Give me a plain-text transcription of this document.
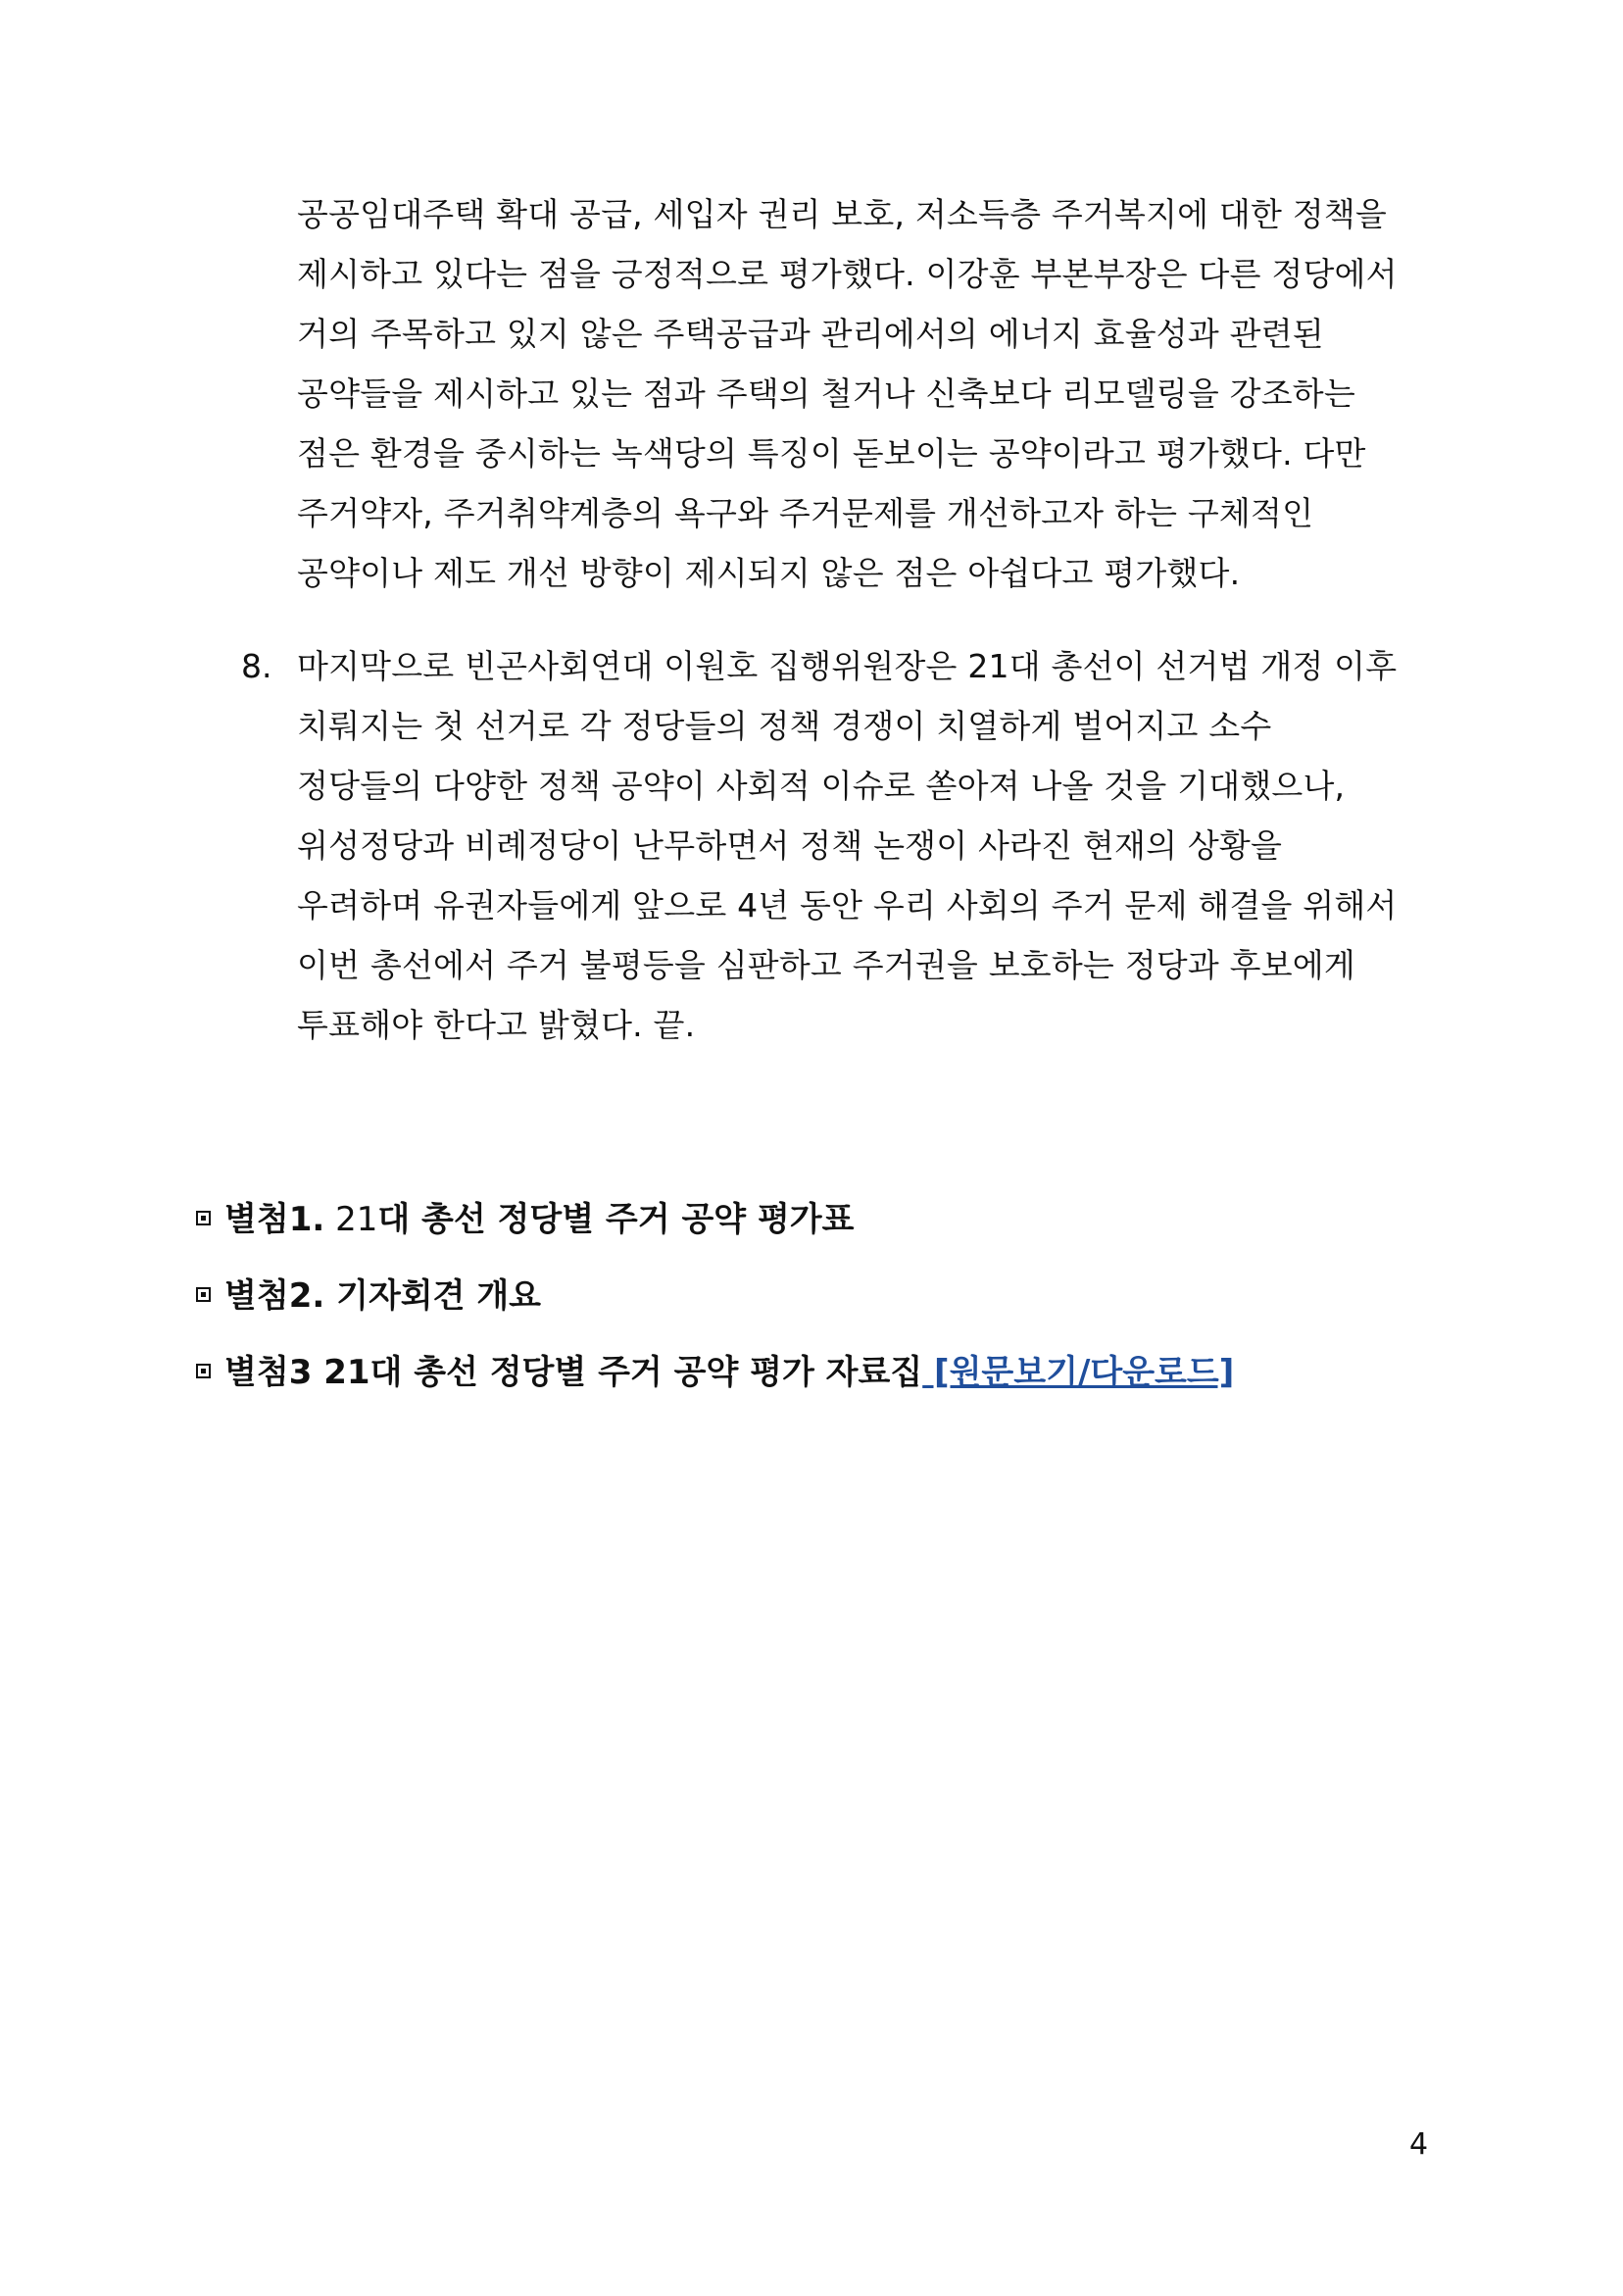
공공임대주택 확대 공급, 세입자 권리 보호, 저소득층 주거복지에 대한 정책을
제시하고 있다는 점을 긍정적으로 평가했다. 이강훈 부본부장은 다른 정당에서
거의 주목하고 있지 않은 주택공급과 관리에서의 에너지 효율성과 관련된
공약들을 제시하고 있는 점과 주택의 철거나 신축보다 리모델링을 강조하는
점은 환경을 중시하는 녹색당의 특징이 돋보이는 공약이라고 평가했다. 다만
주거약자, 주거취약계층의 욕구와 주거문제를 개선하고자 하는 구체적인
공약이나 제도 개선 방향이 제시되지 않은 점은 아쉽다고 평가했다.
8. 마지막으로 빈곤사회연대 이원호 집행위원장은 21대 총선이 선거법 개정 이후
치뤄지는 첫 선거로 각 정당들의 정책 경쟁이 치열하게 벌어지고 소수
정당들의 다양한 정책 공약이 사회적 이슈로 쏟아져 나올 것을 기대했으나,
위성정당과 비례정당이 난무하면서 정책 논쟁이 사라진 현재의 상황을
우려하며 유권자들에게 앞으로 4년 동안 우리 사회의 주거 문제 해결을 위해서
이번 총선에서 주거 불평등을 심판하고 주거권을 보호하는 정당과 후보에게
투표해야 한다고 밝혔다. 끝.
별첨1. 21대 총선 정당별 주거 공약 평가표
별첨2. 기자회견 개요
별첨3 21대 총선 정당별 주거 공약 평가 자료집 [원문보기/다운로드]
4
